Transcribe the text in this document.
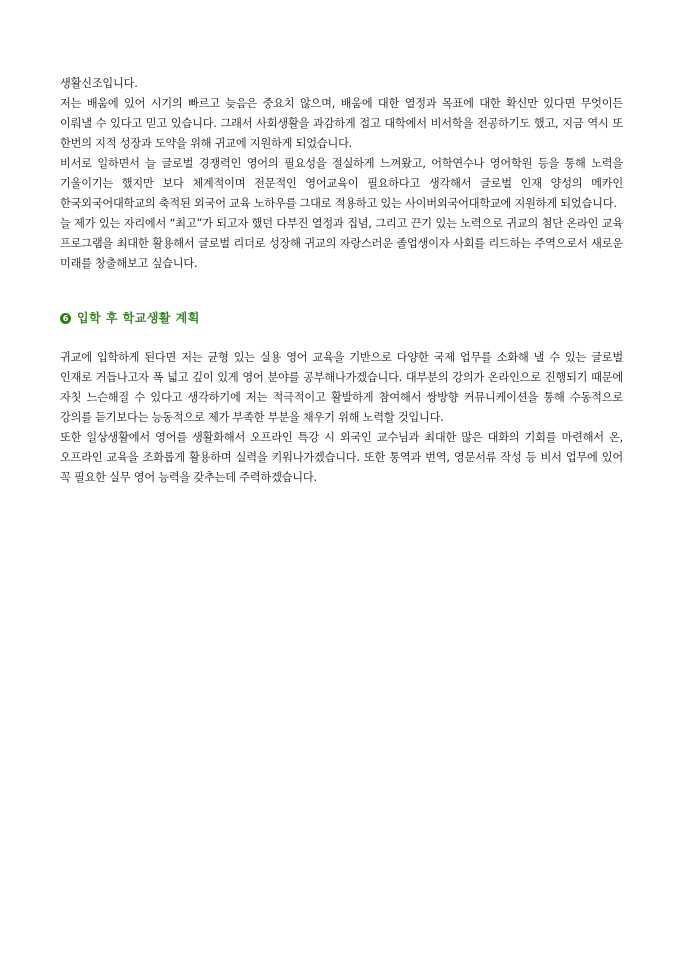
생활신조입니다.

저는 배움에 있어 시기의 빠르고 늦음은 중요치 않으며, 배움에 대한 열정과 목표에 대한 확신만 있다면 무엇이든 이뤄낼 수 있다고 믿고 있습니다. 그래서 사회생활을 과감하게 접고 대학에서 비서학을 전공하기도 했고, 지금 역시 또 한번의 지적 성장과 도약을 위해 귀교에 지원하게 되었습니다.

비서로 일하면서 늘 글로벌 경쟁력인 영어의 필요성을 절실하게 느껴왔고, 어학연수나 영어학원 등을 통해 노력을 기울이기는 했지만 보다 체계적이며 전문적인 영어교육이 필요하다고 생각해서 글로벌 인재 양성의 메카인 한국외국어대학교의 축적된 외국어 교육 노하우를 그대로 적용하고 있는 사이버외국어대학교에 지원하게 되었습니다.

늘 제가 있는 자리에서 “최고”가 되고자 했던 다부진 열정과 집념, 그리고 끈기 있는 노력으로 귀교의 첨단 온라인 교육 프로그램을 최대한 활용해서 글로벌 리더로 성장해 귀교의 자랑스러운 졸업생이자 사회를 리드하는 주역으로서 새로운 미래를 창출해보고 싶습니다.

6 입학 후 학교생활 계획

귀교에 입학하게 된다면 저는 균형 있는 실용 영어 교육을 기반으로 다양한 국제 업무를 소화해 낼 수 있는 글로벌 인재로 거듭나고자 폭 넓고 깊이 있게 영어 분야를 공부해나가겠습니다. 대부분의 강의가 온라인으로 진행되기 때문에 자칫 느슨해질 수 있다고 생각하기에 저는 적극적이고 활발하게 참여해서 쌍방향 커뮤니케이션을 통해 수동적으로 강의를 듣기보다는 능동적으로 제가 부족한 부분을 채우기 위해 노력할 것입니다.

또한 일상생활에서 영어를 생활화해서 오프라인 특강 시 외국인 교수님과 최대한 많은 대화의 기회를 마련해서 온, 오프라인 교육을 조화롭게 활용하며 실력을 키워나가겠습니다. 또한 통역과 번역, 영문서류 작성 등 비서 업무에 있어 꼭 필요한 실무 영어 능력을 갖추는데 주력하겠습니다.
